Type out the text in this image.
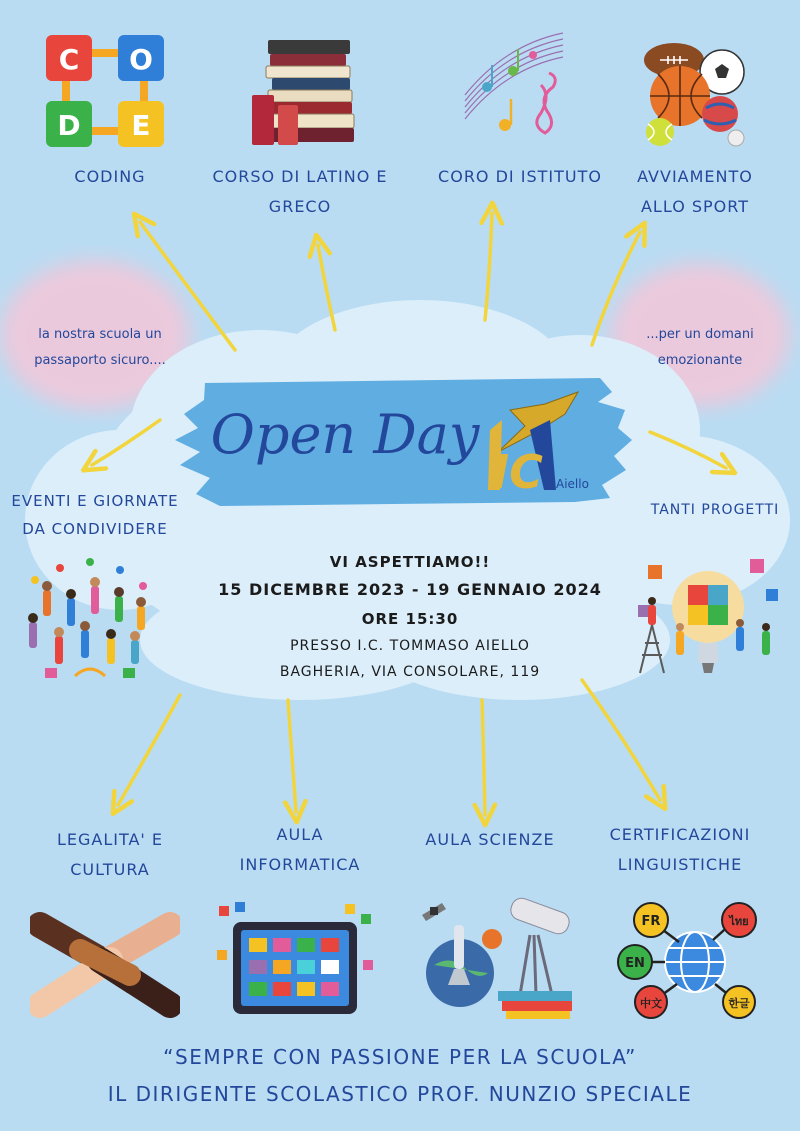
C O
D E
CODING	CORSO DI LATINO E GRECO
CORO DI ISTITUTO	AVVIAMENTO ALLO SPORT
la nostra scuola un passaporto sicuro....
...per un domani emozionante
Open Day
IC Aiello
EVENTI E GIORNATE DA CONDIVIDERE
TANTI PROGETTI
VI ASPETTIAMO!!
15 DICEMBRE 2023 - 19 GENNAIO 2024
ORE 15:30
PRESSO I.C. TOMMASO AIELLO
BAGHERIA, VIA CONSOLARE, 119
LEGALITA' E CULTURA
AULA INFORMATICA
AULA SCIENZE	CERTIFICAZIONI LINGUISTICHE
FR	ไทย
EN
中文	한글
“SEMPRE CON PASSIONE PER LA SCUOLA”
IL DIRIGENTE SCOLASTICO PROF. NUNZIO SPECIALE
